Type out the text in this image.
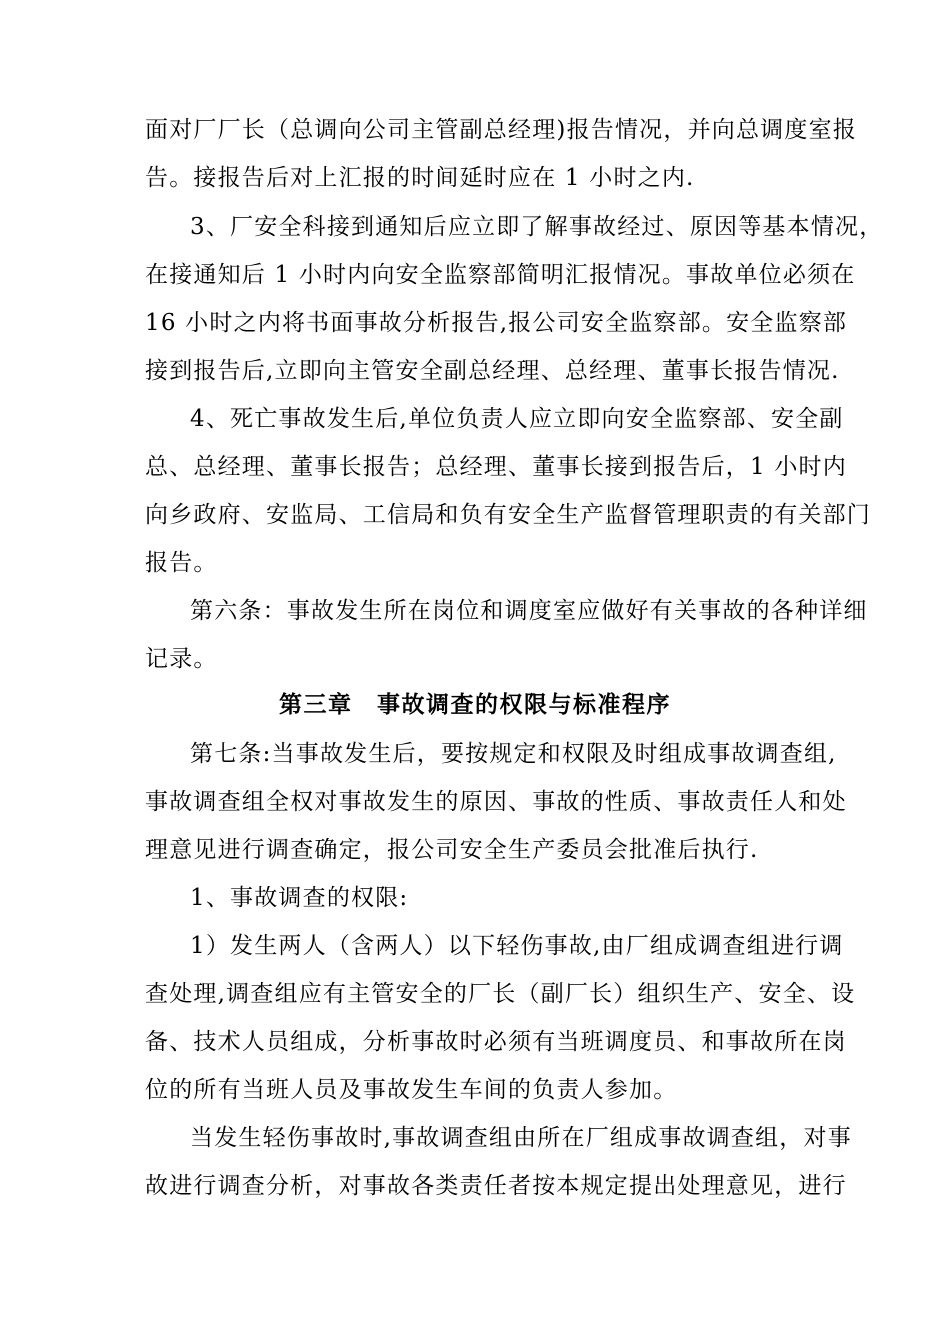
面对厂厂长（总调向公司主管副总经理)报告情况，并向总调度室报
告。接报告后对上汇报的时间延时应在 1 小时之内.
3、厂安全科接到通知后应立即了解事故经过、原因等基本情况，
在接通知后 1 小时内向安全监察部简明汇报情况。事故单位必须在
16 小时之内将书面事故分析报告,报公司安全监察部。安全监察部
接到报告后,立即向主管安全副总经理、总经理、董事长报告情况.
4、死亡事故发生后,单位负责人应立即向安全监察部、安全副
总、总经理、董事长报告；总经理、董事长接到报告后，1 小时内
向乡政府、安监局、工信局和负有安全生产监督管理职责的有关部门
报告。
第六条：事故发生所在岗位和调度室应做好有关事故的各种详细
记录。
第三章　事故调查的权限与标准程序
第七条:当事故发生后，要按规定和权限及时组成事故调查组,
事故调查组全权对事故发生的原因、事故的性质、事故责任人和处
理意见进行调查确定，报公司安全生产委员会批准后执行.
1、事故调查的权限:
1）发生两人（含两人）以下轻伤事故,由厂组成调查组进行调
查处理,调查组应有主管安全的厂长（副厂长）组织生产、安全、设
备、技术人员组成，分析事故时必须有当班调度员、和事故所在岗
位的所有当班人员及事故发生车间的负责人参加。
当发生轻伤事故时,事故调查组由所在厂组成事故调查组，对事
故进行调查分析，对事故各类责任者按本规定提出处理意见，进行
